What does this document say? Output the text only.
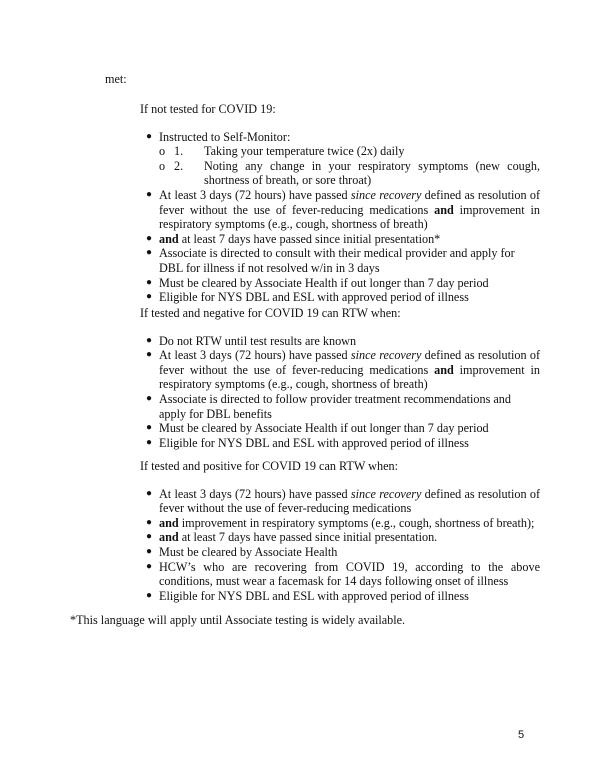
met:

If not tested for COVID 19:

● Instructed to Self-Monitor:
o 1. Taking your temperature twice (2x) daily
o 2. Noting any change in your respiratory symptoms (new cough, shortness of breath, or sore throat)
● At least 3 days (72 hours) have passed since recovery defined as resolution of fever without the use of fever-reducing medications and improvement in respiratory symptoms (e.g., cough, shortness of breath)
● and at least 7 days have passed since initial presentation*
● Associate is directed to consult with their medical provider and apply for DBL for illness if not resolved w/in in 3 days
● Must be cleared by Associate Health if out longer than 7 day period
● Eligible for NYS DBL and ESL with approved period of illness

If tested and negative for COVID 19 can RTW when:

● Do not RTW until test results are known
● At least 3 days (72 hours) have passed since recovery defined as resolution of fever without the use of fever-reducing medications and improvement in respiratory symptoms (e.g., cough, shortness of breath)
● Associate is directed to follow provider treatment recommendations and apply for DBL benefits
● Must be cleared by Associate Health if out longer than 7 day period
● Eligible for NYS DBL and ESL with approved period of illness

If tested and positive for COVID 19 can RTW when:

● At least 3 days (72 hours) have passed since recovery defined as resolution of fever without the use of fever-reducing medications
● and improvement in respiratory symptoms (e.g., cough, shortness of breath);
● and at least 7 days have passed since initial presentation.
● Must be cleared by Associate Health
● HCW’s who are recovering from COVID 19, according to the above conditions, must wear a facemask for 14 days following onset of illness
● Eligible for NYS DBL and ESL with approved period of illness
*This language will apply until Associate testing is widely available.
5
